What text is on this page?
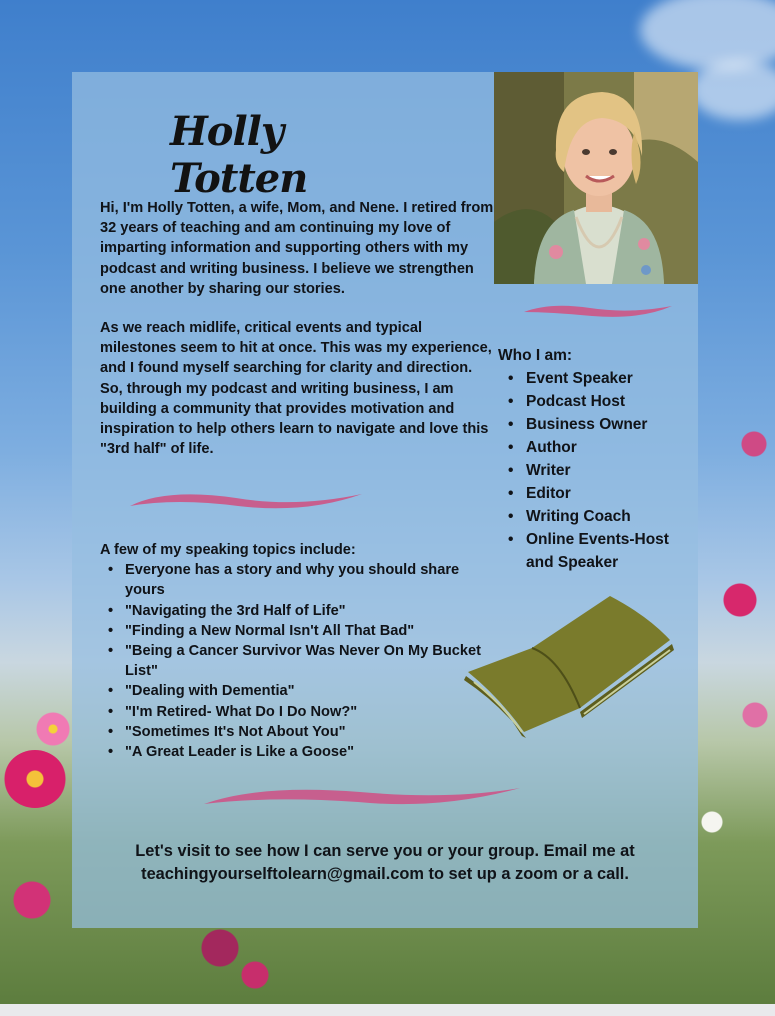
Holly Totten

Hi, I'm Holly Totten, a wife, Mom, and Nene. I retired from 32 years of teaching and am continuing my love of imparting information and supporting others with my podcast and writing business. I believe we strengthen one another by sharing our stories.

As we reach midlife, critical events and typical milestones seem to hit at once. This was my experience, and I found myself searching for clarity and direction. So, through my podcast and writing business, I am building a community that provides motivation and inspiration to help others learn to navigate and love this "3rd half" of life.

Who I am:
• Event Speaker
• Podcast Host
• Business Owner
• Author
• Writer
• Editor
• Writing Coach
• Online Events-Host and Speaker
A few of my speaking topics include:
• Everyone has a story and why you should share yours
• "Navigating the 3rd Half of Life"
• "Finding a New Normal Isn't All That Bad"
• "Being a Cancer Survivor Was Never On My Bucket List"
• "Dealing with Dementia"
• "I'm Retired- What Do I Do Now?"
• "Sometimes It's Not About You"
• "A Great Leader is Like a Goose"
Let's visit to see how I can serve you or your group. Email me at
teachingyourselftolearn@gmail.com to set up a zoom or a call.
